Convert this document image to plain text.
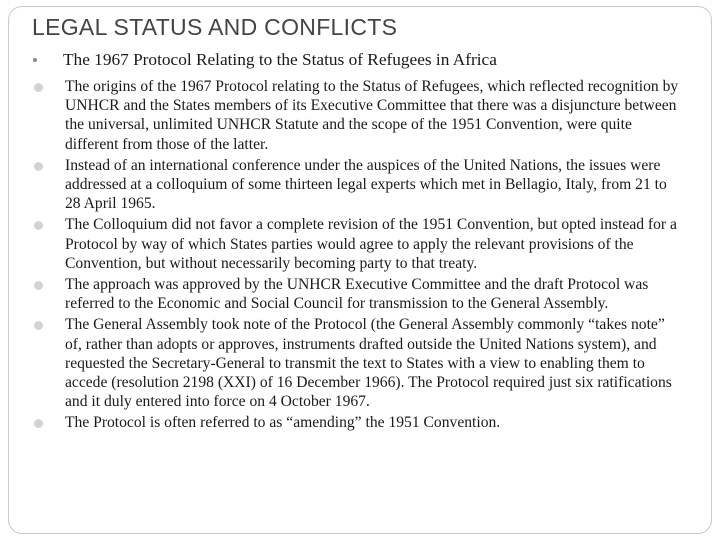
LEGAL STATUS AND CONFLICTS

The 1967 Protocol Relating to the Status of Refugees in Africa

The origins of the 1967 Protocol relating to the Status of Refugees, which reflected recognition by UNHCR and the States members of its Executive Committee that there was a disjuncture between the universal, unlimited UNHCR Statute and the scope of the 1951 Convention, were quite different from those of the latter.
Instead of an international conference under the auspices of the United Nations, the issues were addressed at a colloquium of some thirteen legal experts which met in Bellagio, Italy, from 21 to 28 April 1965.
The Colloquium did not favor a complete revision of the 1951 Convention, but opted instead for a Protocol by way of which States parties would agree to apply the relevant provisions of the Convention, but without necessarily becoming party to that treaty.
The approach was approved by the UNHCR Executive Committee and the draft Protocol was referred to the Economic and Social Council for transmission to the General Assembly.
The General Assembly took note of the Protocol (the General Assembly commonly “takes note” of, rather than adopts or approves, instruments drafted outside the United Nations system), and requested the Secretary-General to transmit the text to States with a view to enabling them to accede (resolution 2198 (XXI) of 16 December 1966). The Protocol required just six ratifications and it duly entered into force on 4 October 1967.
The Protocol is often referred to as “amending” the 1951 Convention.
